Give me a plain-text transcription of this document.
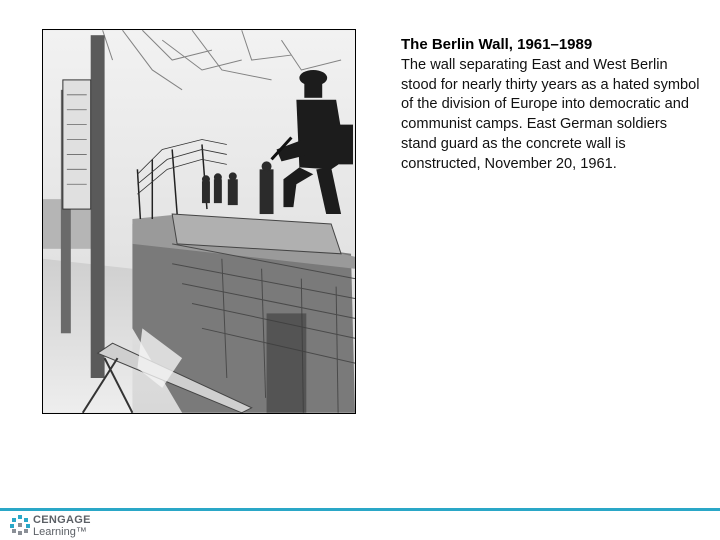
The Berlin Wall, 1961–1989

The wall separating East and West Berlin stood for nearly thirty years as a hated symbol of the division of Europe into democratic and communist camps. East German soldiers stand guard as the concrete wall is constructed, November 20, 1961.

CENGAGE
Learning™
